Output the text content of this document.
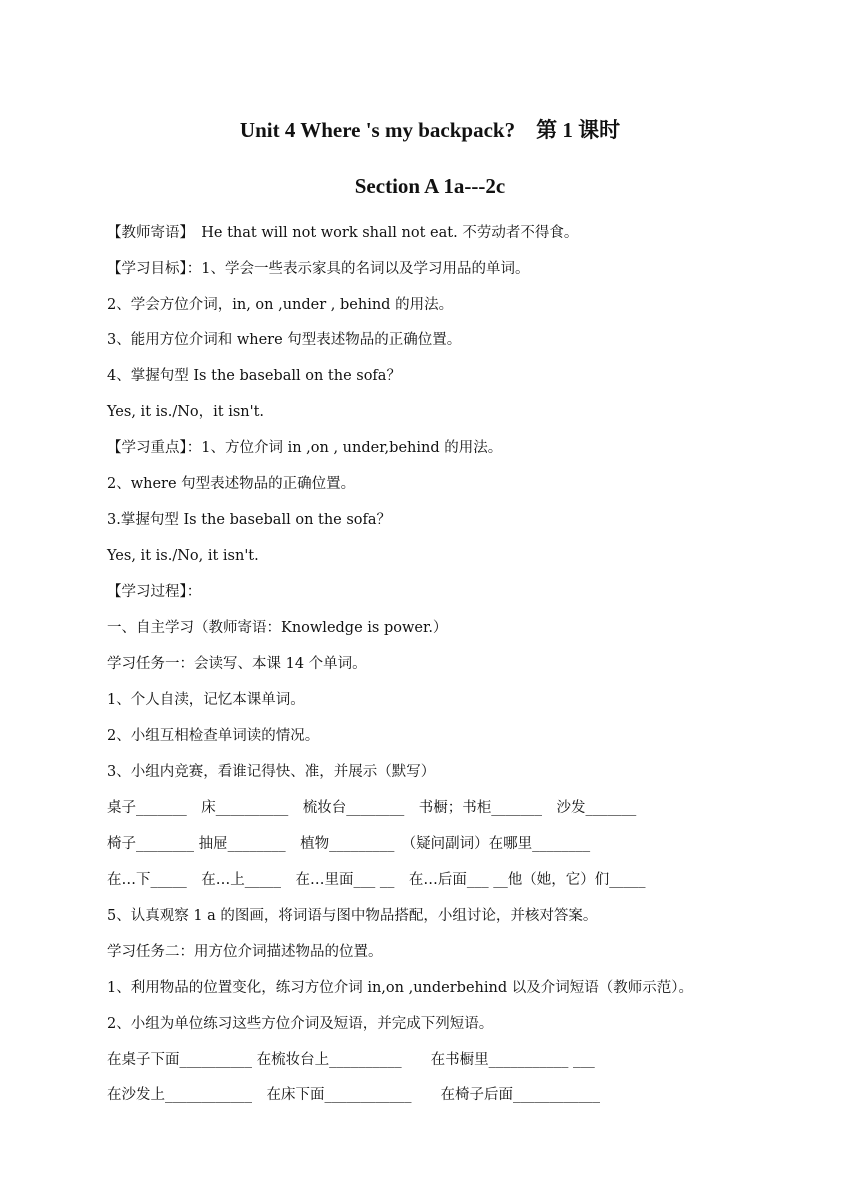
Unit 4 Where 's my backpack?　第 1 课时
Section A 1a---2c
【教师寄语】　He that will not work shall not eat. 不劳动者不得食。
【学习目标】：1、学会一些表示家具的名词以及学习用品的单词。
2、学会方位介词，in, on ,under , behind 的用法。
3、能用方位介词和 where 句型表述物品的正确位置。
4、掌握句型 Is the baseball on the sofa？
Yes, it is./No，it isn't.
【学习重点】：1、方位介词 in ,on , under,behind 的用法。
2、where 句型表述物品的正确位置。
3.掌握句型 Is the baseball on the sofa？
Yes, it is./No, it isn't.
【学习过程】：
一、自主学习（教师寄语：Knowledge is power.）
学习任务一：会读写、本课 14 个单词。
1、个人自渎，记忆本课单词。
2、小组互相检查单词读的情况。
3、小组内竞赛，看谁记得快、准，并展示（默写）
桌子_______　床__________　梳妆台________　书橱；书柜_______　沙发_______
椅子________ 抽屉________　植物_________　（疑问副词）在哪里________
在…下_____　在…上_____　在…里面___ __　在…后面___ __他（她，它）们_____
5、认真观察 1 a 的图画，将词语与图中物品搭配，小组讨论，并核对答案。
学习任务二：用方位介词描述物品的位置。
1、利用物品的位置变化，练习方位介词 in,on ,underbehind 以及介词短语（教师示范）。
2、小组为单位练习这些方位介词及短语，并完成下列短语。
在桌子下面__________ 在梳妆台上__________　　在书橱里___________ ___
在沙发上____________　在床下面____________　　在椅子后面____________
